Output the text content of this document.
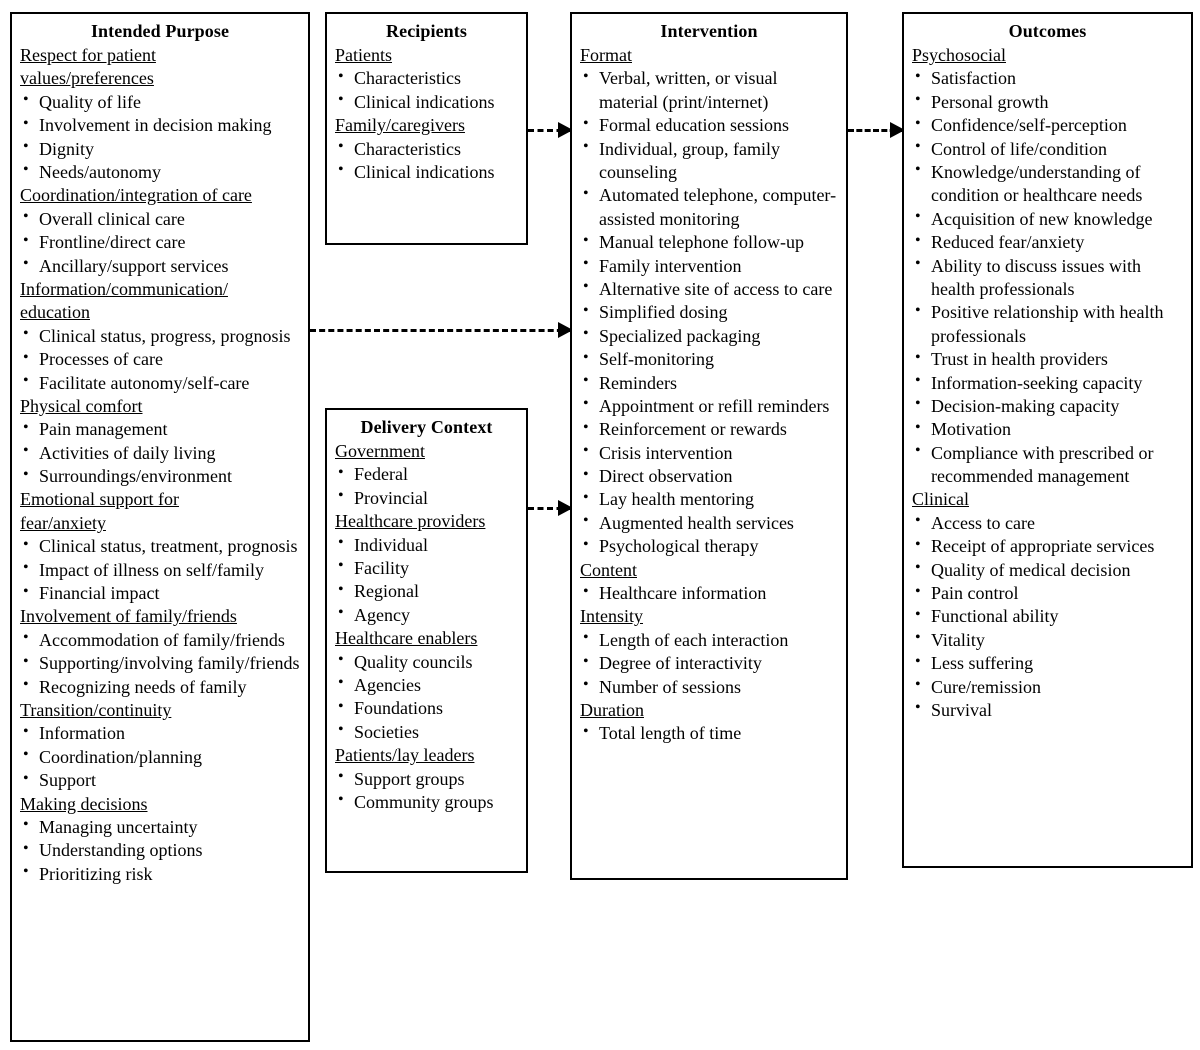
Intended Purpose
Respect for patient
values/preferences
• Quality of life
• Involvement in decision making
• Dignity
• Needs/autonomy
Coordination/integration of care
• Overall clinical care
• Frontline/direct care
• Ancillary/support services
Information/communication/
education
• Clinical status, progress, prognosis
• Processes of care
• Facilitate autonomy/self-care
Physical comfort
• Pain management
• Activities of daily living
• Surroundings/environment
Emotional support for
fear/anxiety
• Clinical status, treatment, prognosis
• Impact of illness on self/family
• Financial impact
Involvement of family/friends
• Accommodation of family/friends
• Supporting/involving family/friends
• Recognizing needs of family
Transition/continuity
• Information
• Coordination/planning
• Support
Making decisions
• Managing uncertainty
• Understanding options
• Prioritizing risk
Recipients
Patients
• Characteristics
• Clinical indications
Family/caregivers
• Characteristics
• Clinical indications
Delivery Context
Government
• Federal
• Provincial
Healthcare providers
• Individual
• Facility
• Regional
• Agency
Healthcare enablers
• Quality councils
• Agencies
• Foundations
• Societies
Patients/lay leaders
• Support groups
• Community groups
Intervention
Format
• Verbal, written, or visual material (print/internet)
• Formal education sessions
• Individual, group, family counseling
• Automated telephone, computer-assisted monitoring
• Manual telephone follow-up
• Family intervention
• Alternative site of access to care
• Simplified dosing
• Specialized packaging
• Self-monitoring
• Reminders
• Appointment or refill reminders
• Reinforcement or rewards
• Crisis intervention
• Direct observation
• Lay health mentoring
• Augmented health services
• Psychological therapy
Content
• Healthcare information
Intensity
• Length of each interaction
• Degree of interactivity
• Number of sessions
Duration
• Total length of time
Outcomes
Psychosocial
• Satisfaction
• Personal growth
• Confidence/self-perception
• Control of life/condition
• Knowledge/understanding of condition or healthcare needs
• Acquisition of new knowledge
• Reduced fear/anxiety
• Ability to discuss issues with health professionals
• Positive relationship with health professionals
• Trust in health providers
• Information-seeking capacity
• Decision-making capacity
• Motivation
• Compliance with prescribed or recommended management
Clinical
• Access to care
• Receipt of appropriate services
• Quality of medical decision
• Pain control
• Functional ability
• Vitality
• Less suffering
• Cure/remission
• Survival
